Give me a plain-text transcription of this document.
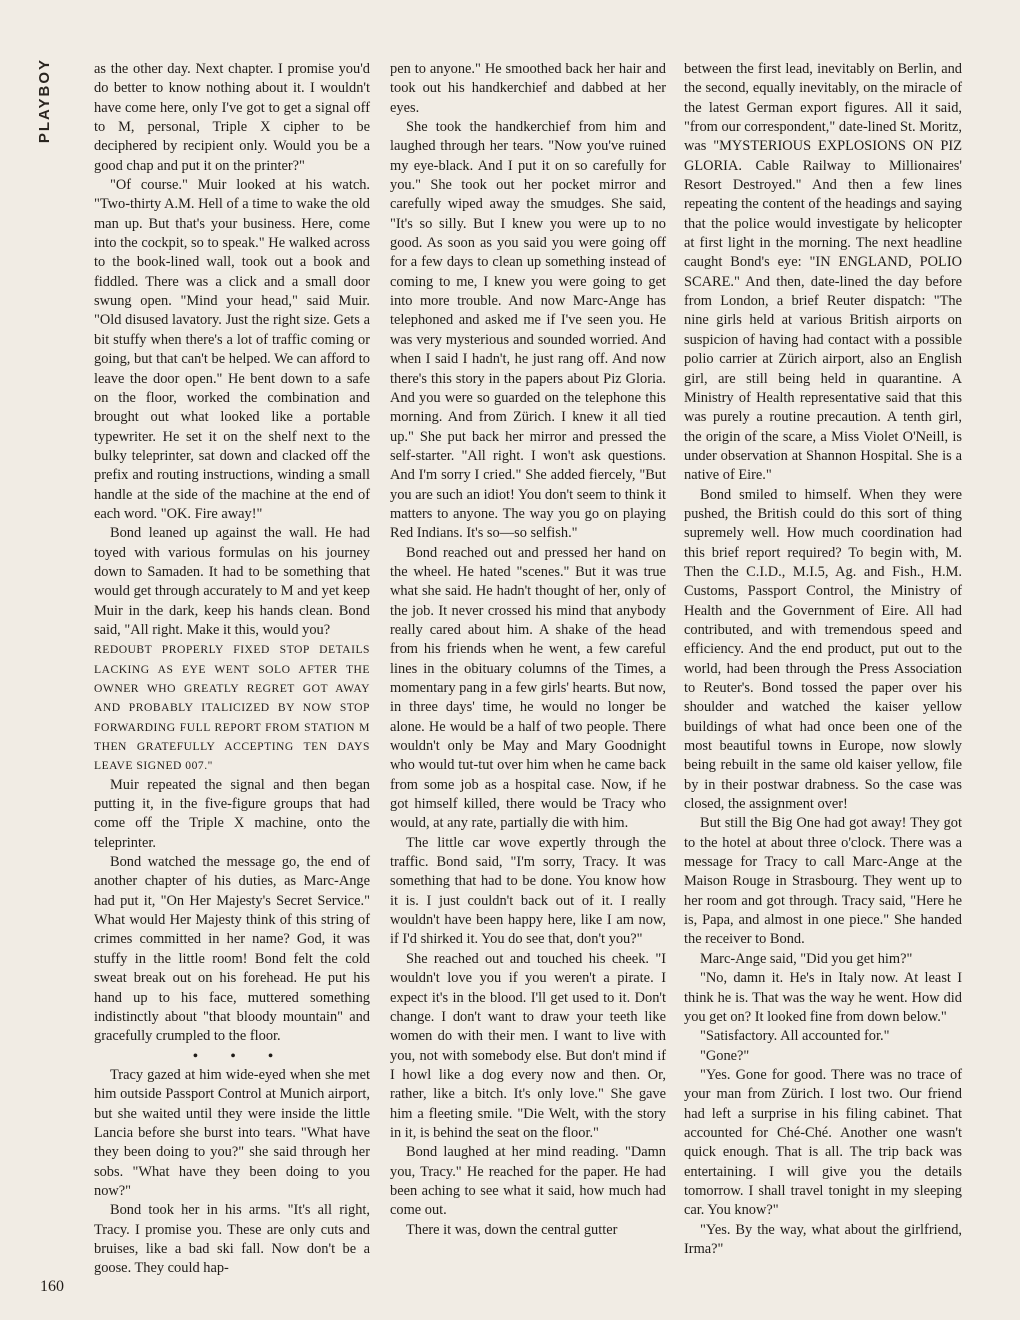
PLAYBOY	as the other day. Next chapter. I promise you'd do better to know nothing about it. I wouldn't have come here, only I've got to get a signal off to M, personal, Triple X cipher to be deciphered by recipient only. Would you be a good chap and put it on the printer?"

"Of course." Muir looked at his watch. "Two-thirty A.M. Hell of a time to wake the old man up. But that's your business. Here, come into the cockpit, so to speak." He walked across to the book-lined wall, took out a book and fiddled. There was a click and a small door swung open. "Mind your head," said Muir. "Old disused lavatory. Just the right size. Gets a bit stuffy when there's a lot of traffic coming or going, but that can't be helped. We can afford to leave the door open." He bent down to a safe on the floor, worked the combination and brought out what looked like a portable typewriter. He set it on the shelf next to the bulky teleprinter, sat down and clacked off the prefix and routing instructions, winding a small handle at the side of the machine at the end of each word. "OK. Fire away!"

Bond leaned up against the wall. He had toyed with various formulas on his journey down to Samaden. It had to be something that would get through accurately to M and yet keep Muir in the dark, keep his hands clean. Bond said, "All right. Make it this, would you?

REDOUBT PROPERLY FIXED STOP DETAILS LACKING AS EYE WENT SOLO AFTER THE OWNER WHO GREATLY REGRET GOT AWAY AND PROBABLY ITALICIZED BY NOW STOP FORWARDING FULL REPORT FROM STATION M THEN GRATEFULLY ACCEPTING TEN DAYS LEAVE SIGNED 007."

Muir repeated the signal and then began putting it, in the five-figure groups that had come off the Triple X machine, onto the teleprinter.

Bond watched the message go, the end of another chapter of his duties, as Marc-Ange had put it, "On Her Majesty's Secret Service." What would Her Majesty think of this string of crimes committed in her name? God, it was stuffy in the little room! Bond felt the cold sweat break out on his forehead. He put his hand up to his face, muttered something indistinctly about "that bloody mountain" and gracefully crumpled to the floor.

• • •

Tracy gazed at him wide-eyed when she met him outside Passport Control at Munich airport, but she waited until they were inside the little Lancia before she burst into tears. "What have they been doing to you?" she said through her sobs. "What have they been doing to you now?"

Bond took her in his arms. "It's all right, Tracy. I promise you. These are only cuts and bruises, like a bad ski fall. Now don't be a goose. They could hap-

pen to anyone." He smoothed back her hair and took out his handkerchief and dabbed at her eyes.

She took the handkerchief from him and laughed through her tears. "Now you've ruined my eye-black. And I put it on so carefully for you." She took out her pocket mirror and carefully wiped away the smudges. She said, "It's so silly. But I knew you were up to no good. As soon as you said you were going off for a few days to clean up something instead of coming to me, I knew you were going to get into more trouble. And now Marc-Ange has telephoned and asked me if I've seen you. He was very mysterious and sounded worried. And when I said I hadn't, he just rang off. And now there's this story in the papers about Piz Gloria. And you were so guarded on the telephone this morning. And from Zürich. I knew it all tied up." She put back her mirror and pressed the self-starter. "All right. I won't ask questions. And I'm sorry I cried." She added fiercely, "But you are such an idiot! You don't seem to think it matters to anyone. The way you go on playing Red Indians. It's so—so selfish."

Bond reached out and pressed her hand on the wheel. He hated "scenes." But it was true what she said. He hadn't thought of her, only of the job. It never crossed his mind that anybody really cared about him. A shake of the head from his friends when he went, a few careful lines in the obituary columns of the Times, a momentary pang in a few girls' hearts. But now, in three days' time, he would no longer be alone. He would be a half of two people. There wouldn't only be May and Mary Goodnight who would tut-tut over him when he came back from some job as a hospital case. Now, if he got himself killed, there would be Tracy who would, at any rate, partially die with him.

The little car wove expertly through the traffic. Bond said, "I'm sorry, Tracy. It was something that had to be done. You know how it is. I just couldn't back out of it. I really wouldn't have been happy here, like I am now, if I'd shirked it. You do see that, don't you?"

She reached out and touched his cheek. "I wouldn't love you if you weren't a pirate. I expect it's in the blood. I'll get used to it. Don't change. I don't want to draw your teeth like women do with their men. I want to live with you, not with somebody else. But don't mind if I howl like a dog every now and then. Or, rather, like a bitch. It's only love." She gave him a fleeting smile. "Die Welt, with the story in it, is behind the seat on the floor."

Bond laughed at her mind reading. "Damn you, Tracy." He reached for the paper. He had been aching to see what it said, how much had come out.

There it was, down the central gutter

between the first lead, inevitably on Berlin, and the second, equally inevitably, on the miracle of the latest German export figures. All it said, "from our correspondent," date-lined St. Moritz, was "MYSTERIOUS EXPLOSIONS ON PIZ GLORIA. Cable Railway to Millionaires' Resort Destroyed." And then a few lines repeating the content of the headings and saying that the police would investigate by helicopter at first light in the morning. The next headline caught Bond's eye: "IN ENGLAND, POLIO SCARE." And then, date-lined the day before from London, a brief Reuter dispatch: "The nine girls held at various British airports on suspicion of having had contact with a possible polio carrier at Zürich airport, also an English girl, are still being held in quarantine. A Ministry of Health representative said that this was purely a routine precaution. A tenth girl, the origin of the scare, a Miss Violet O'Neill, is under observation at Shannon Hospital. She is a native of Eire."

Bond smiled to himself. When they were pushed, the British could do this sort of thing supremely well. How much coordination had this brief report required? To begin with, M. Then the C.I.D., M.I.5, Ag. and Fish., H.M. Customs, Passport Control, the Ministry of Health and the Government of Eire. All had contributed, and with tremendous speed and efficiency. And the end product, put out to the world, had been through the Press Association to Reuter's. Bond tossed the paper over his shoulder and watched the kaiser yellow buildings of what had once been one of the most beautiful towns in Europe, now slowly being rebuilt in the same old kaiser yellow, file by in their postwar drabness. So the case was closed, the assignment over!

But still the Big One had got away! They got to the hotel at about three o'clock. There was a message for Tracy to call Marc-Ange at the Maison Rouge in Strasbourg. They went up to her room and got through. Tracy said, "Here he is, Papa, and almost in one piece." She handed the receiver to Bond.

Marc-Ange said, "Did you get him?"

"No, damn it. He's in Italy now. At least I think he is. That was the way he went. How did you get on? It looked fine from down below."

"Satisfactory. All accounted for."

"Gone?"

"Yes. Gone for good. There was no trace of your man from Zürich. I lost two. Our friend had left a surprise in his filing cabinet. That accounted for Ché-Ché. Another one wasn't quick enough. That is all. The trip back was entertaining. I will give you the details tomorrow. I shall travel tonight in my sleeping car. You know?"

"Yes. By the way, what about the girlfriend, Irma?"

160
